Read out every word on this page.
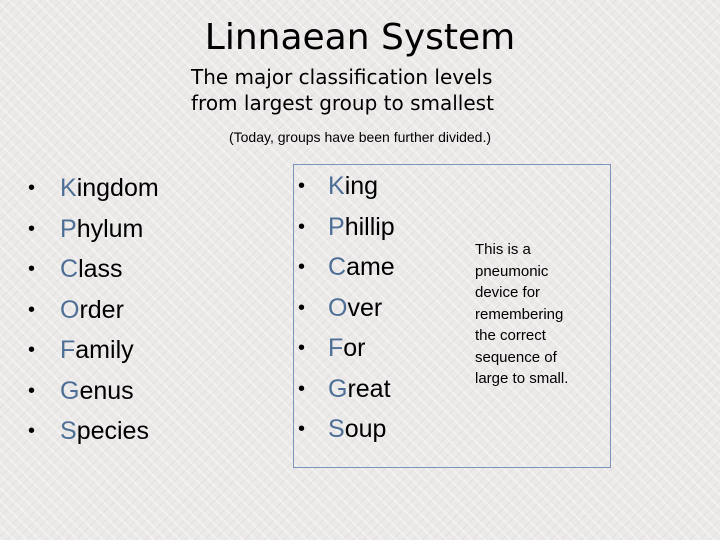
Linnaean System
The major classification levels
from largest group to smallest
(Today, groups have been further divided.)
• Kingdom
• Phylum
• Class
• Order
• Family
• Genus
• Species
• King
• Phillip
• Came
• Over
• For
• Great
• Soup
This is a
pneumonic
device for
remembering
the correct
sequence of
large to small.
